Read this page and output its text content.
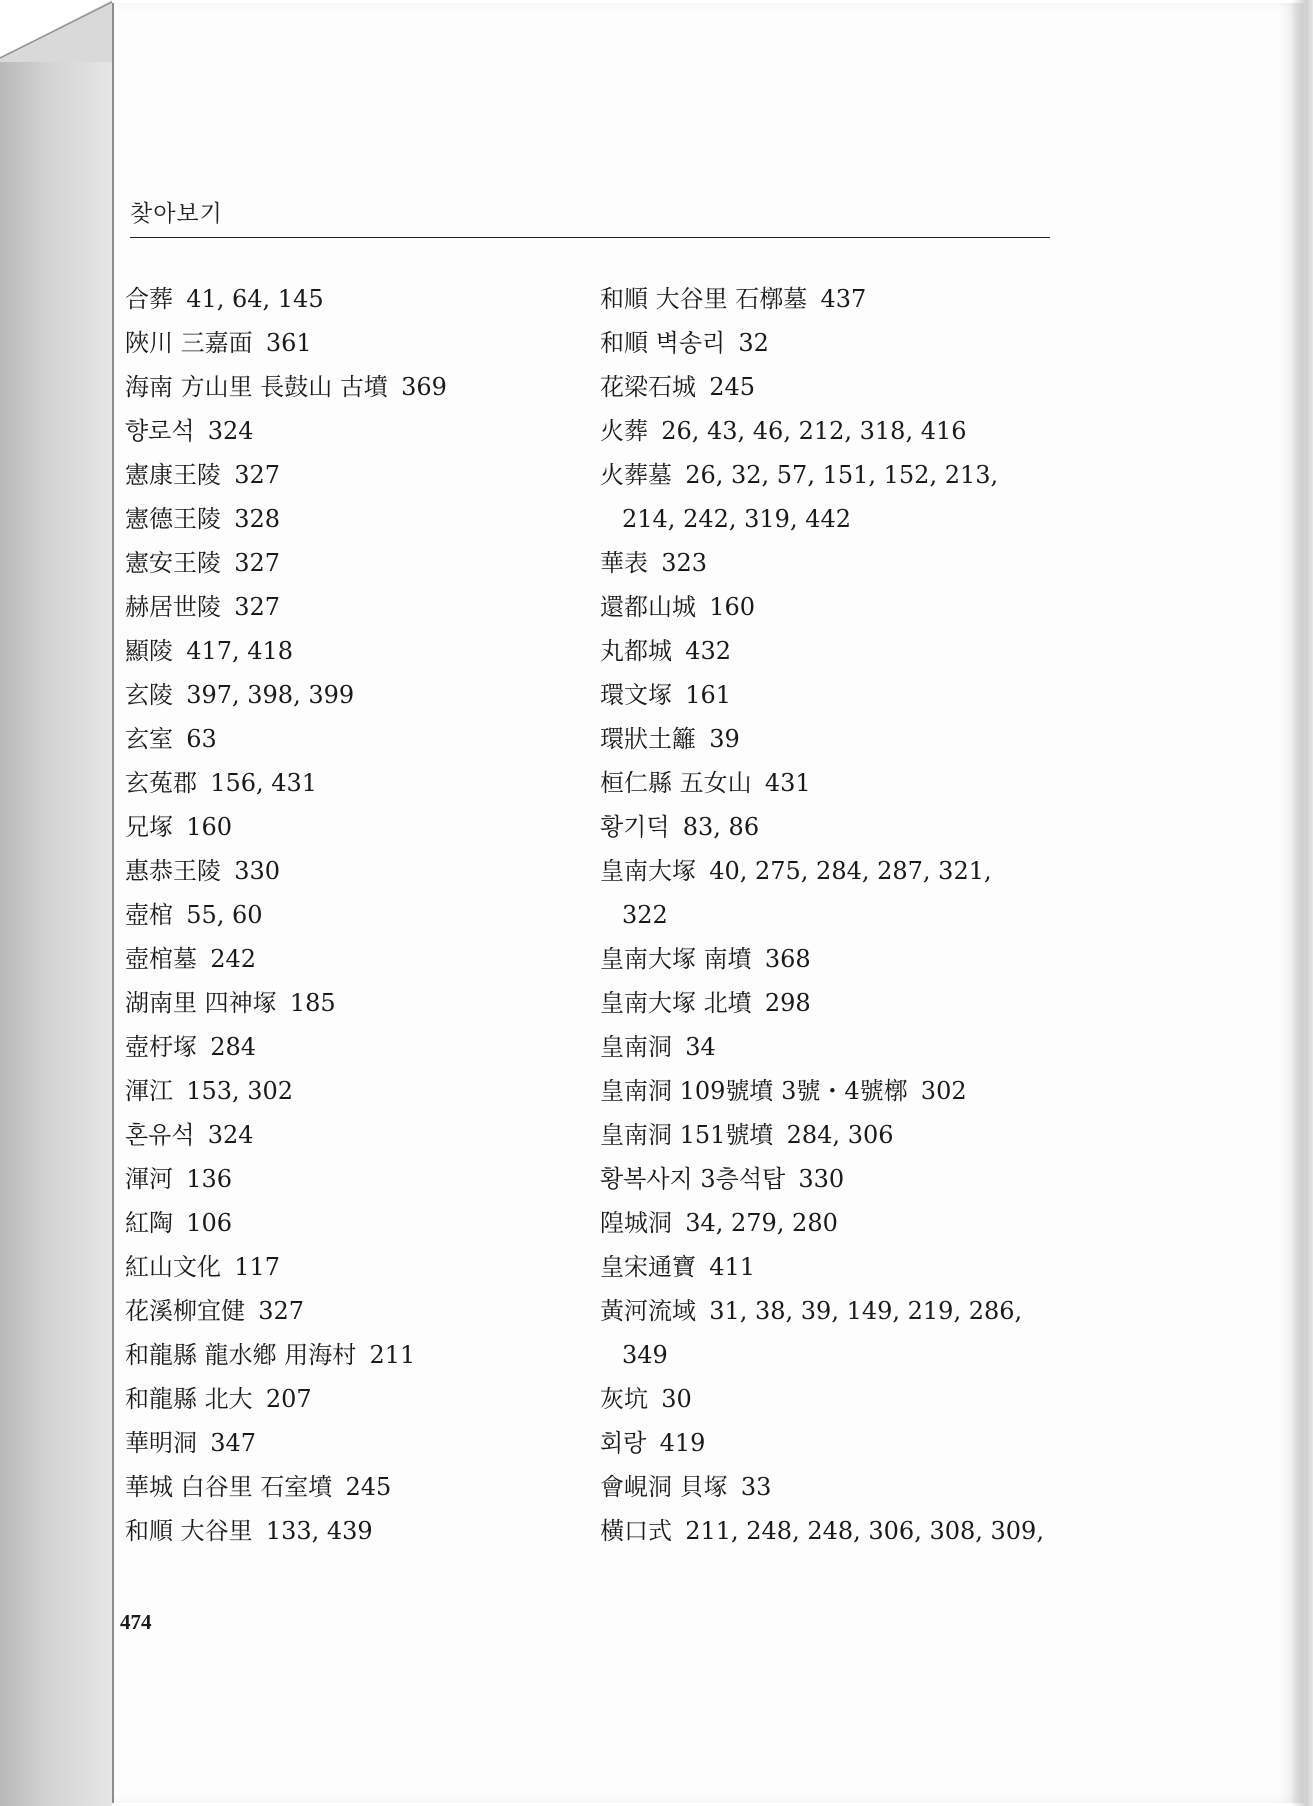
찾아보기
合葬 41, 64, 145
陜川 三嘉面 361
海南 方山里 長鼓山 古墳 369
향로석 324
憲康王陵 327
憲德王陵 328
憲安王陵 327
赫居世陵 327
顯陵 417, 418
玄陵 397, 398, 399
玄室 63
玄菟郡 156, 431
兄塚 160
惠恭王陵 330
壺棺 55, 60
壺棺墓 242
湖南里 四神塚 185
壺杅塚 284
渾江 153, 302
혼유석 324
渾河 136
紅陶 106
紅山文化 117
花溪柳宜健 327
和龍縣 龍水鄕 用海村 211
和龍縣 北大 207
華明洞 347
華城 白谷里 石室墳 245
和順 大谷里 133, 439
和順 大谷里 石槨墓 437
和順 벽송리 32
花梁石城 245
火葬 26, 43, 46, 212, 318, 416
火葬墓 26, 32, 57, 151, 152, 213,
214, 242, 319, 442
華表 323
還都山城 160
丸都城 432
環文塚 161
環狀土籬 39
桓仁縣 五女山 431
황기덕 83, 86
皇南大塚 40, 275, 284, 287, 321,
322
皇南大塚 南墳 368
皇南大塚 北墳 298
皇南洞 34
皇南洞 109號墳 3號・4號槨 302
皇南洞 151號墳 284, 306
황복사지 3층석탑 330
隍城洞 34, 279, 280
皇宋通寶 411
黃河流域 31, 38, 39, 149, 219, 286,
349
灰坑 30
회랑 419
會峴洞 貝塚 33
橫口式 211, 248, 248, 306, 308, 309,
474
